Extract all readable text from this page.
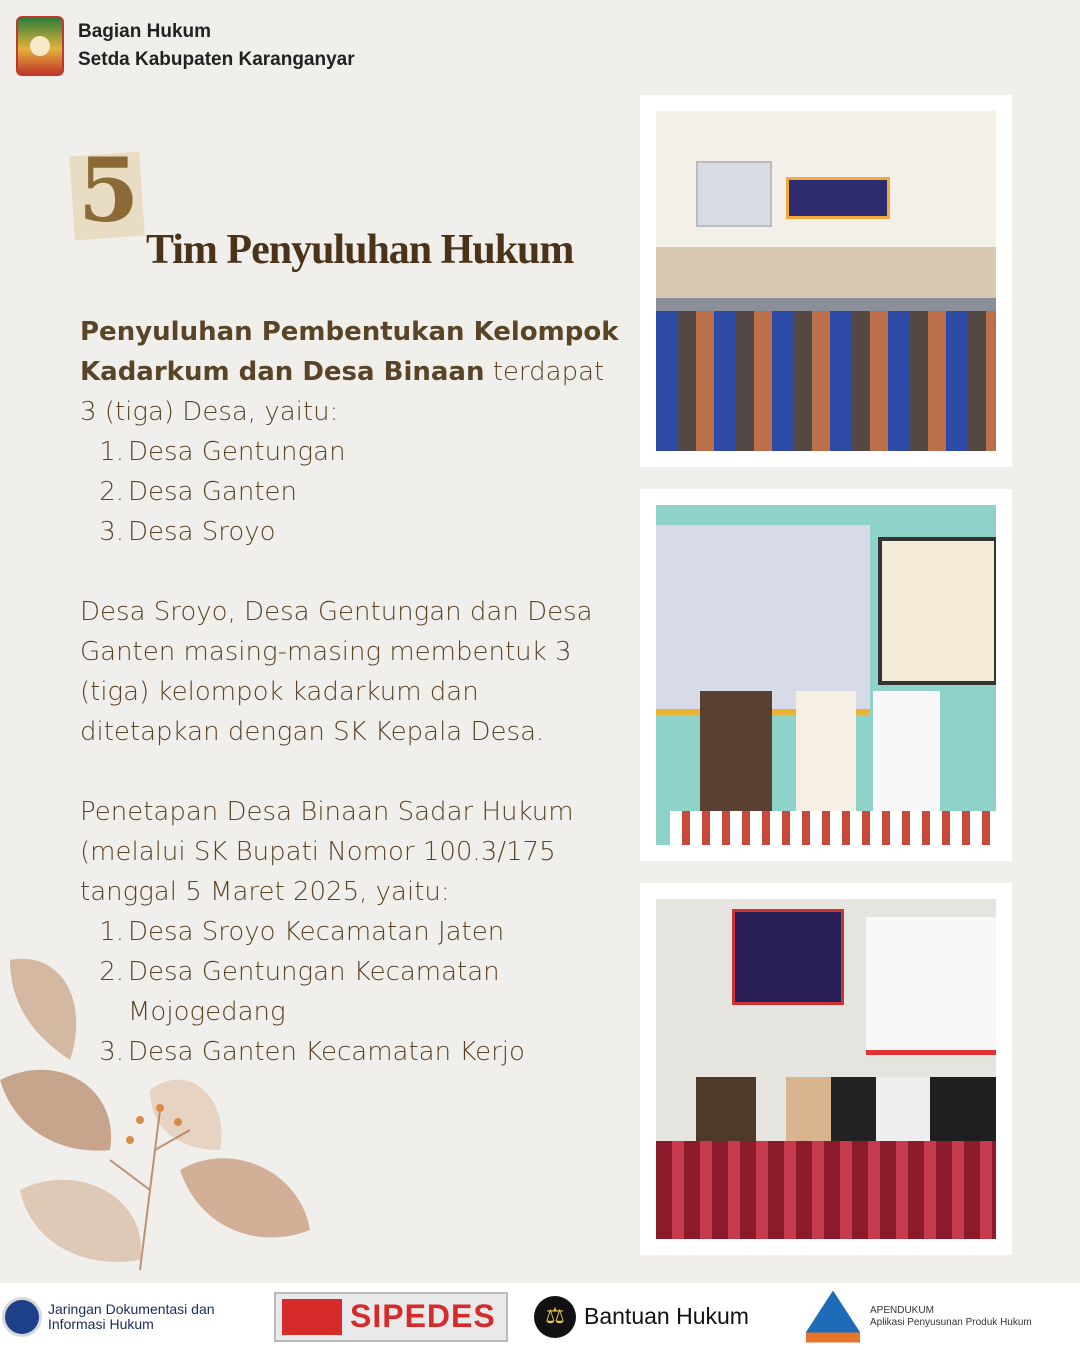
Bagian Hukum
Setda Kabupaten Karanganyar
5
Tim Penyuluhan Hukum

Penyuluhan Pembentukan Kelompok Kadarkum dan Desa Binaan terdapat 3 (tiga) Desa, yaitu:

1. Desa Gentungan
2. Desa Ganten
3. Desa Sroyo

Desa Sroyo, Desa Gentungan dan Desa Ganten masing-masing membentuk 3 (tiga) kelompok kadarkum dan ditetapkan dengan SK Kepala Desa.

Penetapan Desa Binaan Sadar Hukum (melalui SK Bupati Nomor 100.3/175 tanggal 5 Maret 2025, yaitu:

1. Desa Sroyo Kecamatan Jaten
2. Desa Gentungan Kecamatan Mojogedang
3. Desa Ganten Kecamatan Kerjo
Jaringan Dokumentasi dan
Informasi Hukum	SIPEDES	⚖ Bantuan Hukum	APENDUKUM
Aplikasi Penyusunan Produk Hukum
